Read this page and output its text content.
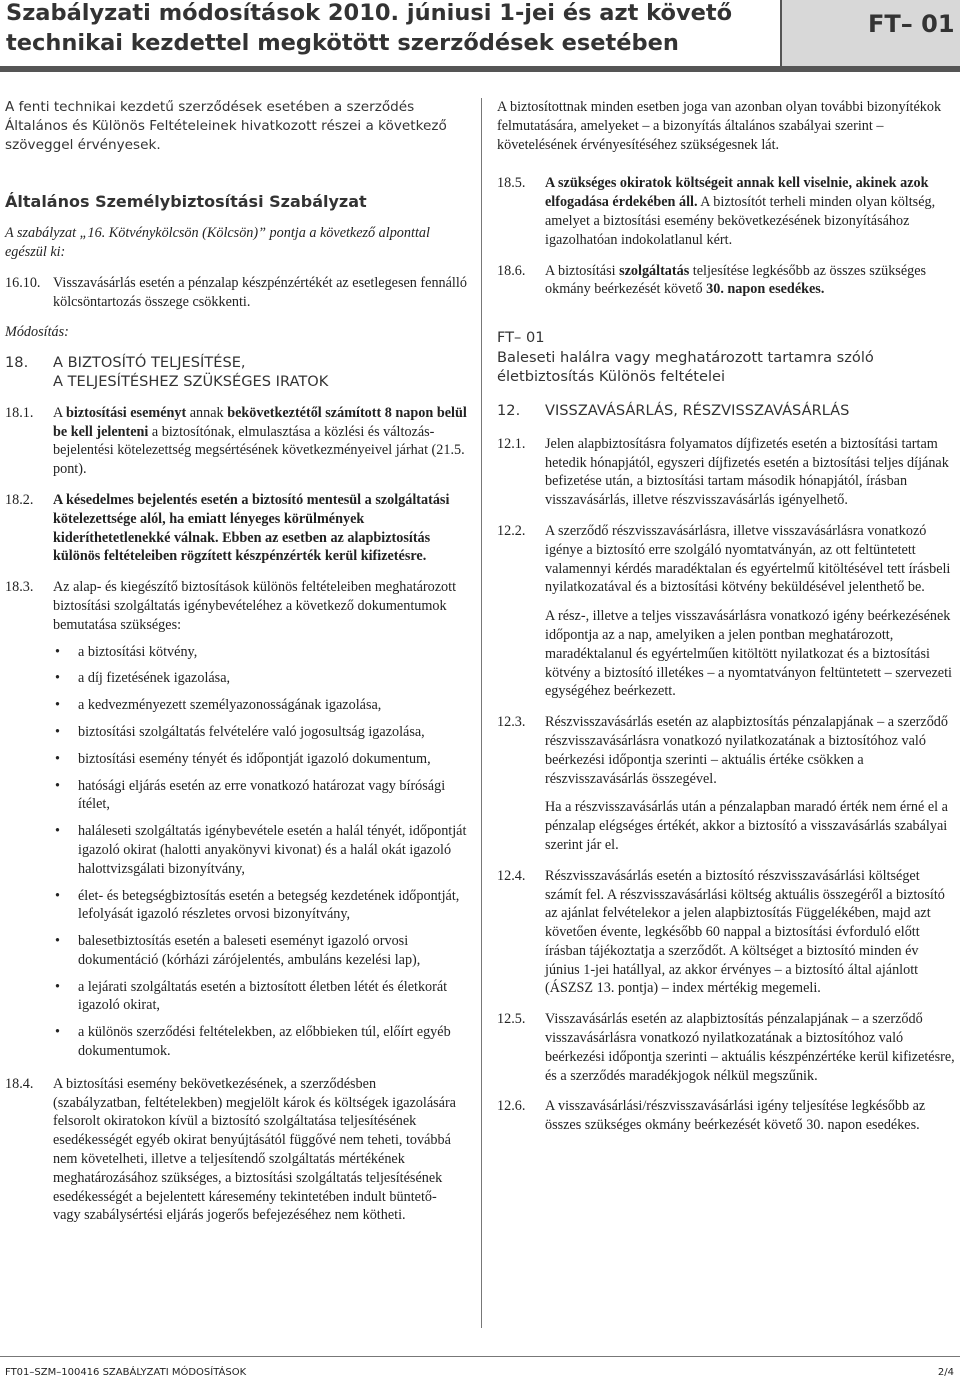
Szabályzati módosítások 2010. júniusi 1-jei és azt követő
technikai kezdettel megkötött szerződések esetében
FT– 01

A fenti technikai kezdetű szerződések esetében a szerződés Általános és Különös Feltételeinek hivatkozott részei a következő szöveggel érvényesek.

Általános Személybiztosítási Szabályzat

A szabályzat „16. Kötvénykölcsön (Kölcsön)” pontja a következő alponttal egészül ki:

16.10. Visszavásárlás esetén a pénzalap készpénzértékét az esetlegesen fennálló kölcsöntartozás összege csökkenti.

Módosítás:

18.	A BIZTOSÍTÓ TELJESÍTÉSE,
A TELJESÍTÉSHEZ SZÜKSÉGES IRATOK
18.1.	A biztosítási eseményt annak bekövetkeztétől számított 8 napon belül be kell jelenteni a biztosítónak, elmulasztása a közlési és változás-bejelentési kötelezettség megsértésének következményeivel járhat (21.5. pont).
18.2.	A késedelmes bejelentés esetén a biztosító mentesül a szolgáltatási kötelezettsége alól, ha emiatt lényeges körülmények kideríthetetlenekké válnak. Ebben az esetben az alapbiztosítás különös feltételeiben rögzített készpénzérték kerül kifizetésre.
18.3.	Az alap- és kiegészítő biztosítások különös feltételeiben meghatározott biztosítási szolgáltatás igénybevételéhez a következő dokumentumok bemutatása szükséges:
• a biztosítási kötvény,
• a díj fizetésének igazolása,
• a kedvezményezett személyazonosságának igazolása,
• biztosítási szolgáltatás felvételére való jogosultság igazolása,
• biztosítási esemény tényét és időpontját igazoló dokumentum,
• hatósági eljárás esetén az erre vonatkozó határozat vagy bírósági ítélet,
• haláleseti szolgáltatás igénybevétele esetén a halál tényét, időpontját igazoló okirat (halotti anyakönyvi kivonat) és a halál okát igazoló halottvizsgálati bizonyítvány,
• élet- és betegségbiztosítás esetén a betegség kezdetének időpontját, lefolyását igazoló részletes orvosi bizonyítvány,
• balesetbiztosítás esetén a baleseti eseményt igazoló orvosi dokumentáció (kórházi zárójelentés, ambuláns kezelési lap),
• a lejárati szolgáltatás esetén a biztosított életben létét és életkorát igazoló okirat,
• a különös szerződési feltételekben, az előbbieken túl, előírt egyéb dokumentumok.
18.4.	A biztosítási esemény bekövetkezésének, a szerződésben (szabályzatban, feltételekben) megjelölt károk és költségek igazolására felsorolt okiratokon kívül a biztosító szolgáltatása teljesítésének esedékességét egyéb okirat benyújtásától függővé nem teheti, továbbá nem követelheti, illetve a teljesítendő szolgáltatás mértékének meghatározásához szükséges, a biztosítási szolgáltatás teljesítésének esedékességét a bejelentett káresemény tekintetében indult büntető- vagy szabálysértési eljárás jogerős befejezéséhez nem kötheti.

A biztosítottnak minden esetben joga van azonban olyan további bizonyítékok felmutatására, amelyeket – a bizonyítás általános szabályai szerint – követelésének érvényesítéséhez szükségesnek lát.

18.5.	A szükséges okiratok költségeit annak kell viselnie, akinek azok elfogadása érdekében áll. A biztosítót terheli minden olyan költség, amelyet a biztosítási esemény bekövetkezésének bizonyításához igazolhatóan indokolatlanul kért.
18.6.	A biztosítási szolgáltatás teljesítése legkésőbb az összes szükséges okmány beérkezését követő 30. napon esedékes.

FT– 01

Baleseti halálra vagy meghatározott tartamra szóló életbiztosítás Különös feltételei

12.	VISSZAVÁSÁRLÁS, RÉSZVISSZAVÁSÁRLÁS
12.1.	Jelen alapbiztosításra folyamatos díjfizetés esetén a biztosítási tartam hetedik hónapjától, egyszeri díjfizetés esetén a biztosítási teljes díjának befizetése után, a biztosítási tartam második hónapjától, írásban visszavásárlás, illetve részvisszavásárlás igényelhető.
12.2.	A szerződő részvisszavásárlásra, illetve visszavásárlásra vonatkozó igénye a biztosító erre szolgáló nyomtatványán, az ott feltüntetett valamennyi kérdés maradéktalan és egyértelmű kitöltésével tett írásbeli nyilatkozatával és a biztosítási kötvény beküldésével jelenthető be.

A rész-, illetve a teljes visszavásárlásra vonatkozó igény beérkezésének időpontja az a nap, amelyiken a jelen pontban meghatározott, maradéktalanul és egyértelműen kitöltött nyilatkozat és a biztosítási kötvény a biztosító illetékes – a nyomtatványon feltüntetett – szervezeti egységéhez beérkezett.

12.3.	Részvisszavásárlás esetén az alapbiztosítás pénzalapjának – a szerződő részvisszavásárlásra vonatkozó nyilatkozatának a biztosítóhoz való beérkezési időpontja szerinti – aktuális értéke csökken a részvisszavásárlás összegével.

Ha a részvisszavásárlás után a pénzalapban maradó érték nem érné el a pénzalap elégséges értékét, akkor a biztosító a visszavásárlás szabályai szerint jár el.

12.4.	Részvisszavásárlás esetén a biztosító részvisszavásárlási költséget számít fel. A részvisszavásárlási költség aktuális összegéről a biztosító az ajánlat felvételekor a jelen alapbiztosítás Függelékében, majd azt követően évente, legkésőbb 60 nappal a biztosítási évforduló előtt írásban tájékoztatja a szerződőt. A költséget a biztosító minden év június 1-jei hatállyal, az akkor érvényes – a biztosító által ajánlott (ÁSZSZ 13. pontja) – index mértékig megemeli.
12.5.	Visszavásárlás esetén az alapbiztosítás pénzalapjának – a szerződő visszavásárlásra vonatkozó nyilatkozatának a biztosítóhoz való beérkezési időpontja szerinti – aktuális készpénzértéke kerül kifizetésre, és a szerződés maradékjogok nélkül megszűnik.
12.6.	A visszavásárlási/részvisszavásárlási igény teljesítése legkésőbb az összes szükséges okmány beérkezését követő 30. napon esedékes.
FT01–SZM–100416 SZABÁLYZATI MÓDOSÍTÁSOK	2/4
